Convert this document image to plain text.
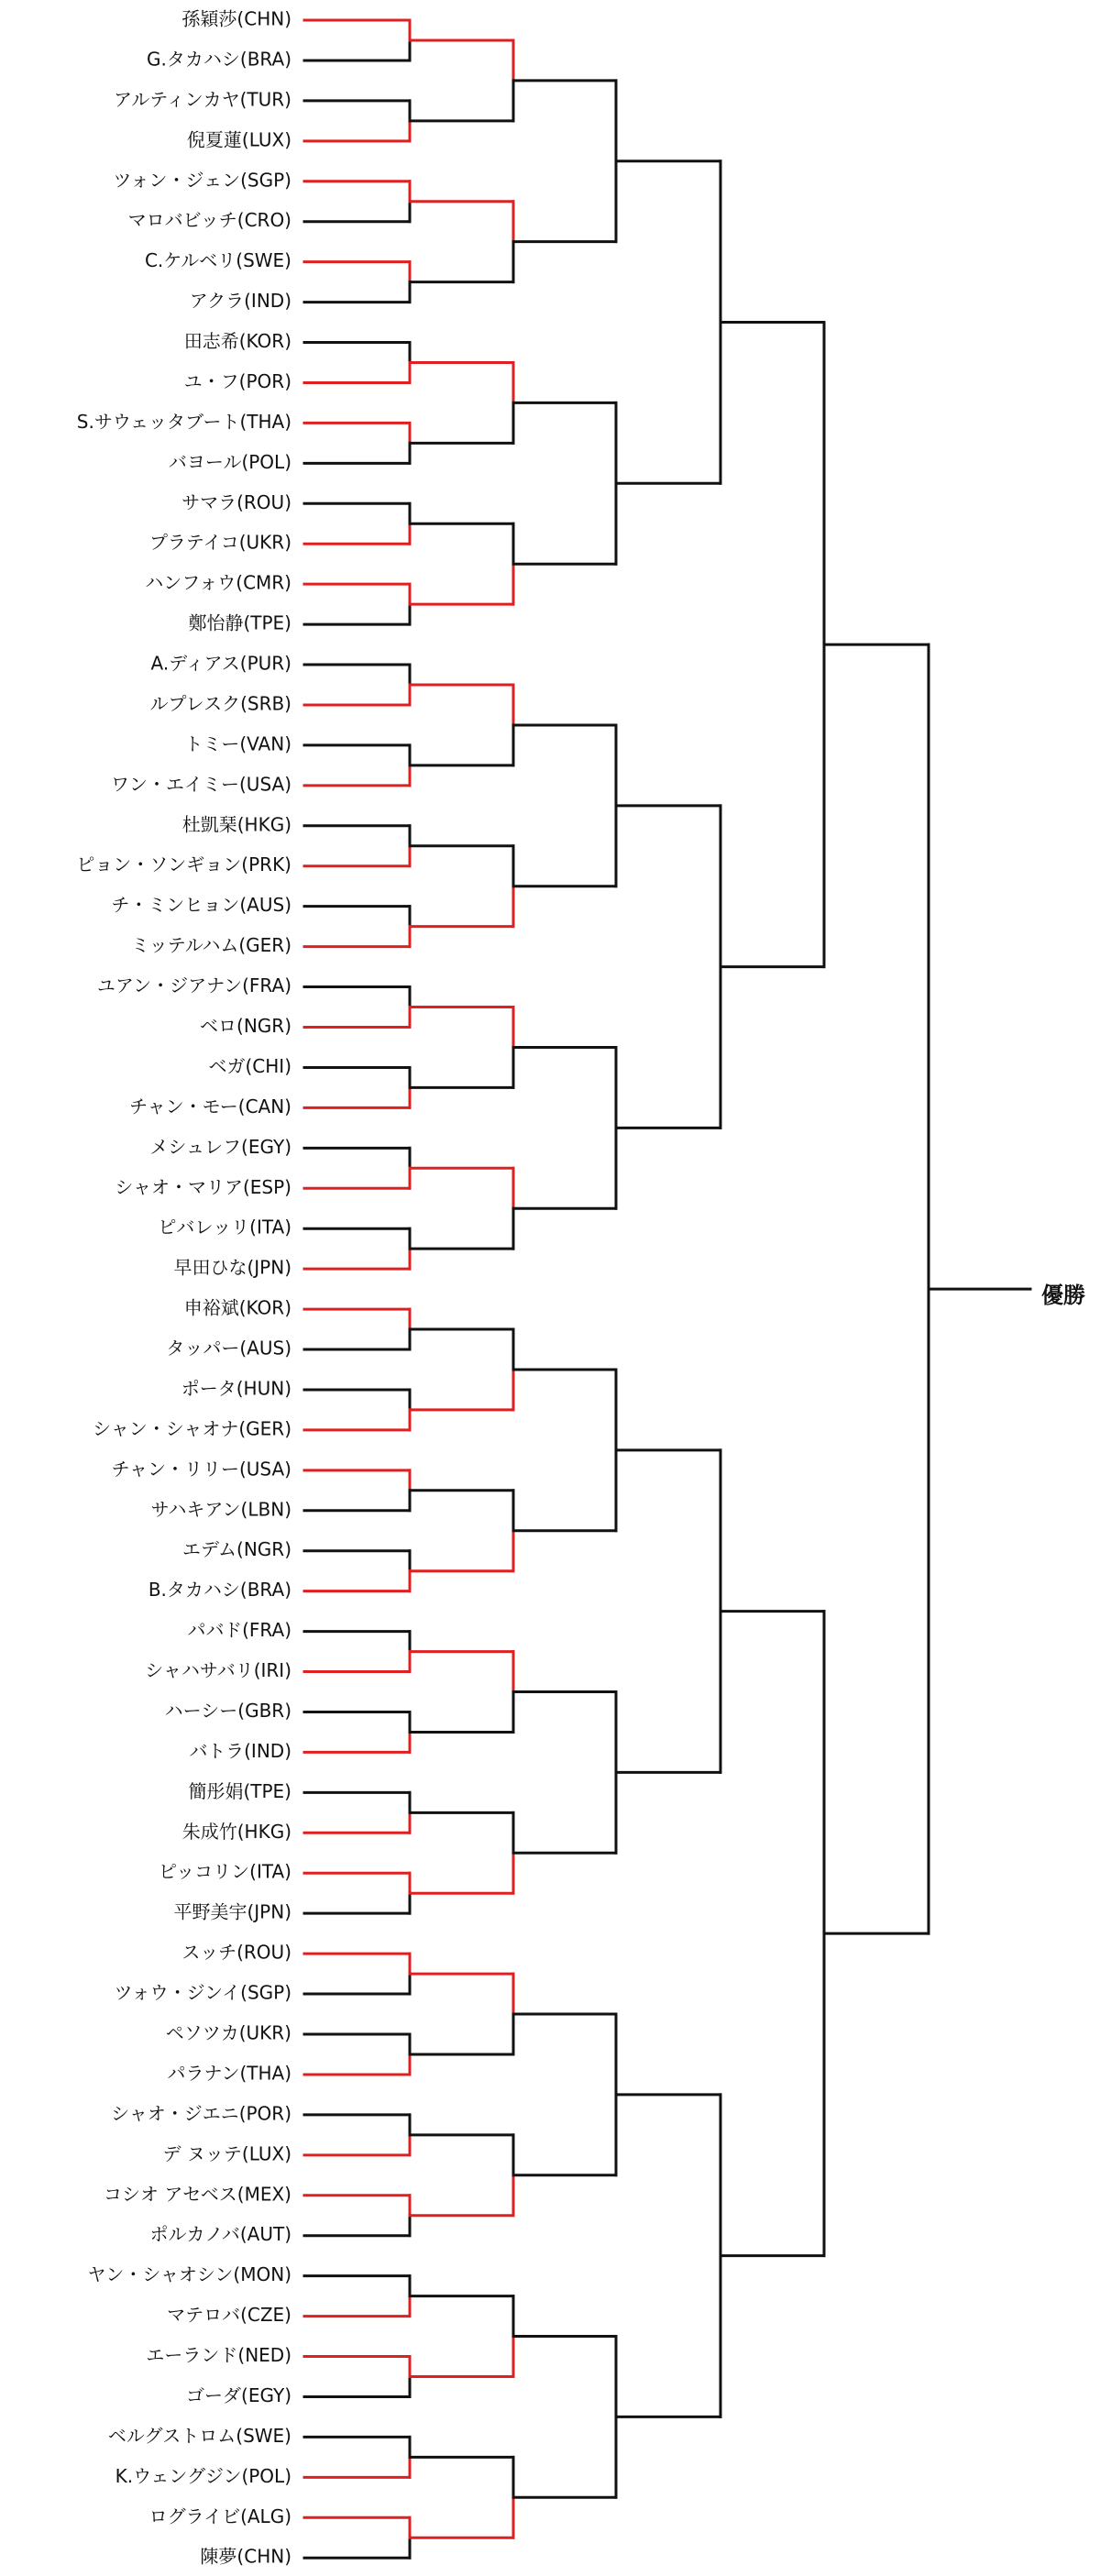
孫穎莎(CHN)
G.タカハシ(BRA)
アルティンカヤ(TUR)
倪夏蓮(LUX)
ツォン・ジェン(SGP)
マロバビッチ(CRO)
C.ケルベリ(SWE)
アクラ(IND)
田志希(KOR)
ユ・フ(POR)
S.サウェッタブート(THA)
バヨール(POL)
サマラ(ROU)
プラテイコ(UKR)
ハンフォウ(CMR)
鄭怡静(TPE)
A.ディアス(PUR)
ルプレスク(SRB)
トミー(VAN)
ワン・エイミー(USA)
杜凱琹(HKG)
ピョン・ソンギョン(PRK)
チ・ミンヒョン(AUS)
ミッテルハム(GER)
ユアン・ジアナン(FRA)
ベロ(NGR)
ベガ(CHI)
チャン・モー(CAN)
メシュレフ(EGY)
シャオ・マリア(ESP)
ピバレッリ(ITA)
早田ひな(JPN)
申裕斌(KOR)
タッパー(AUS)
ポータ(HUN)
シャン・シャオナ(GER)
チャン・リリー(USA)
サハキアン(LBN)
エデム(NGR)
B.タカハシ(BRA)
パバド(FRA)
シャハサバリ(IRI)
ハーシー(GBR)
バトラ(IND)
簡彤娟(TPE)
朱成竹(HKG)
ピッコリン(ITA)
平野美宇(JPN)
スッチ(ROU)
ツォウ・ジンイ(SGP)
ペソツカ(UKR)
パラナン(THA)
シャオ・ジエニ(POR)
デ ヌッテ(LUX)
コシオ アセベス(MEX)
ポルカノバ(AUT)
ヤン・シャオシン(MON)
マテロバ(CZE)
エーランド(NED)
ゴーダ(EGY)
ベルグストロム(SWE)
K.ウェングジン(POL)
ログライビ(ALG)
陳夢(CHN)
優勝
